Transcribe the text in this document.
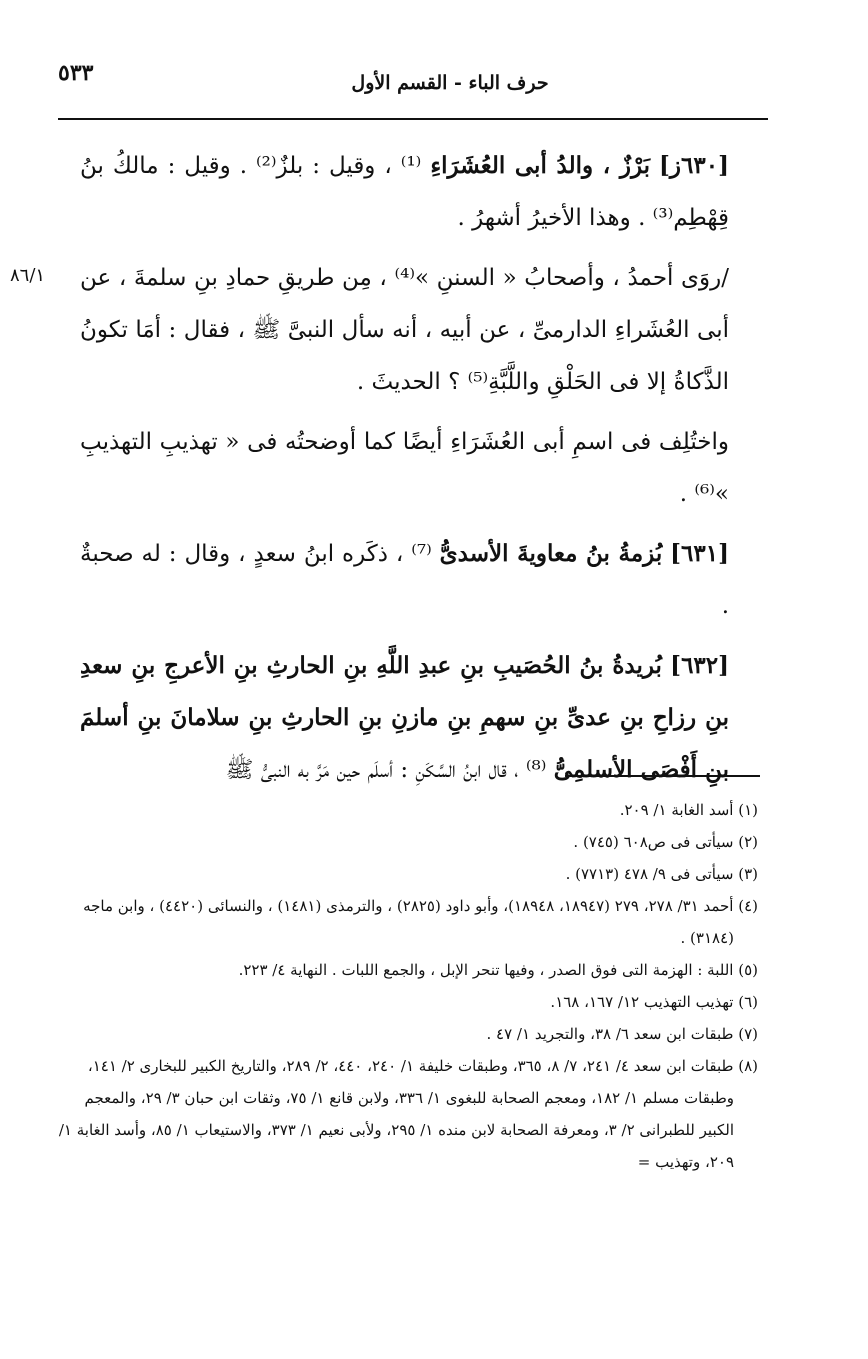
٥٣٣	حرف الباء - القسم الأول
٨٦/١

[٦٣٠ز] بَرْزٌ ، والدُ أبى العُشَرَاءِ ⁽¹⁾ ، وقيل : بلزٌ⁽²⁾ . وقيل : مالكُ بنُ قِهْطِم⁽³⁾ . وهذا الأخيرُ أشهرُ .

/روَى أحمدُ ، وأصحابُ « السننِ »⁽⁴⁾ ، مِن طريقِ حمادِ بنِ سلمةَ ، عن أبى العُشَراءِ الدارمىِّ ، عن أبيه ، أنه سأل النبىَّ ﷺ ، فقال : أمَا تكونُ الذَّكاةُ إلا فى الحَلْقِ واللَّبَّةِ⁽⁵⁾ ؟ الحديثَ .

واختُلِف فى اسمِ أبى العُشَرَاءِ أيضًا كما أوضحتُه فى « تهذيبِ التهذيبِ »⁽⁶⁾ .

[٦٣١] بُزمةُ بنُ معاويةَ الأسدىُّ ⁽⁷⁾ ، ذكَره ابنُ سعدٍ ، وقال : له صحبةٌ .

[٦٣٢] بُريدةُ بنُ الحُصَيبِ بنِ عبدِ اللَّهِ بنِ الحارثِ بنِ الأعرجِ بنِ سعدِ بنِ رزاحِ بنِ عدىِّ بنِ سهمِ بنِ مازنِ بنِ الحارثِ بنِ سلامانَ بنِ أسلمَ بنِ أَفْصَى الأسلمِىُّ ⁽⁸⁾ ، قال ابنُ السَّكَنِ : أسلَم حين مَرَّ به النبىُّ ﷺ

(١) أسد الغابة ١/ ٢٠٩.

(٢) سيأتى فى ص٦٠٨ (٧٤٥) .

(٣) سيأتى فى ٩/ ٤٧٨ (٧٧١٣) .

(٤) أحمد ٣١/ ٢٧٨، ٢٧٩ (١٨٩٤٧، ١٨٩٤٨)، وأبو داود (٢٨٢٥) ، والترمذى (١٤٨١) ، والنسائى (٤٤٢٠) ، وابن ماجه (٣١٨٤) .

(٥) اللبة : الهزمة التى فوق الصدر ، وفيها تنحر الإبل ، والجمع اللبات . النهاية ٤/ ٢٢٣.

(٦) تهذيب التهذيب ١٢/ ١٦٧، ١٦٨.

(٧) طبقات ابن سعد ٦/ ٣٨، والتجريد ١/ ٤٧ .

(٨) طبقات ابن سعد ٤/ ٢٤١، ٧/ ٨، ٣٦٥، وطبقات خليفة ١/ ٢٤٠، ٤٤٠، ٢/ ٢٨٩، والتاريخ الكبير للبخارى ٢/ ١٤١، وطبقات مسلم ١/ ١٨٢، ومعجم الصحابة للبغوى ١/ ٣٣٦، ولابن قانع ١/ ٧٥، وثقات ابن حبان ٣/ ٢٩، والمعجم الكبير للطبرانى ٢/ ٣، ومعرفة الصحابة لابن منده ١/ ٢٩٥، ولأبى نعيم ١/ ٣٧٣، والاستيعاب ١/ ٨٥، وأسد الغابة ١/ ٢٠٩، وتهذيب =
